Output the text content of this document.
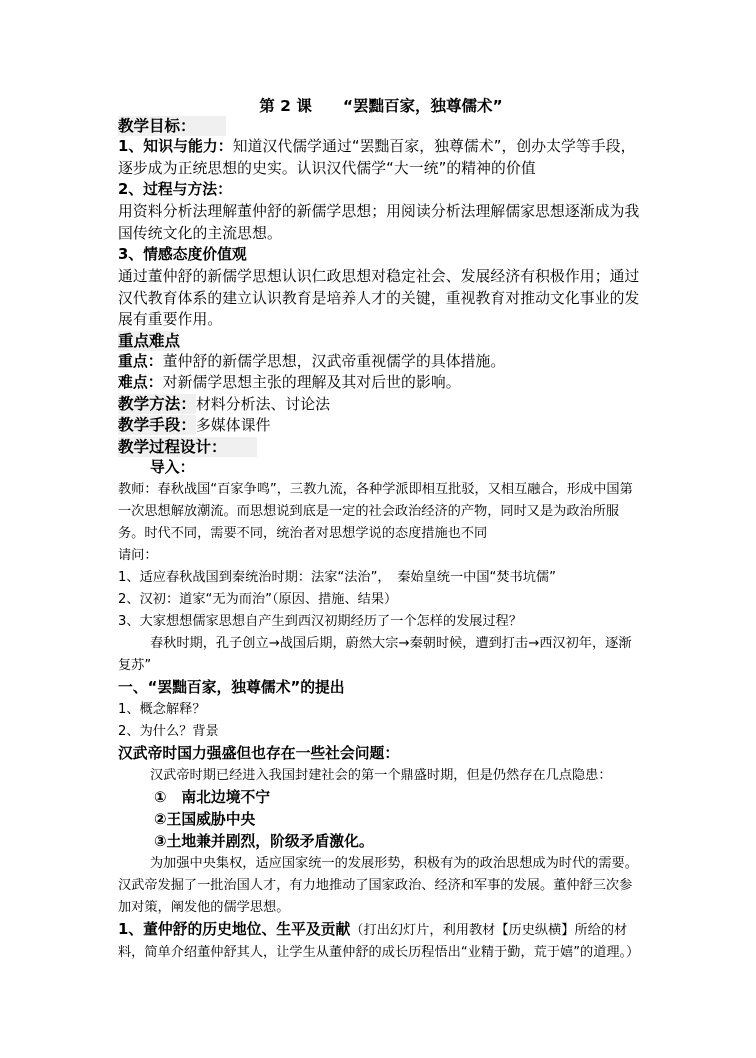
第 2 课　　“罢黜百家，独尊儒术”
教学目标：
1、知识与能力：知道汉代儒学通过“罢黜百家，独尊儒术”，创办太学等手段，逐步成为正统思想的史实。认识汉代儒学“大一统”的精神的价值
2、过程与方法：
用资料分析法理解董仲舒的新儒学思想；用阅读分析法理解儒家思想逐渐成为我国传统文化的主流思想。
3、情感态度价值观
通过董仲舒的新儒学思想认识仁政思想对稳定社会、发展经济有积极作用；通过汉代教育体系的建立认识教育是培养人才的关键，重视教育对推动文化事业的发展有重要作用。
重点难点
重点：董仲舒的新儒学思想，汉武帝重视儒学的具体措施。
难点：对新儒学思想主张的理解及其对后世的影响。
教学方法：材料分析法、讨论法
教学手段：多媒体课件
教学过程设计：
导入：
教师：春秋战国“百家争鸣”，三教九流，各种学派即相互批驳，又相互融合，形成中国第一次思想解放潮流。而思想说到底是一定的社会政治经济的产物，同时又是为政治所服务。时代不同，需要不同，统治者对思想学说的态度措施也不同
请问：
1、适应春秋战国到秦统治时期：法家“法治”，　秦始皇统一中国“焚书坑儒”
2、汉初：道家“无为而治”（原因、措施、结果）
3、大家想想儒家思想自产生到西汉初期经历了一个怎样的发展过程？
春秋时期，孔子创立→战国后期，蔚然大宗→秦朝时候，遭到打击→西汉初年，逐渐复苏”
一、“罢黜百家，独尊儒术”的提出
1、概念解释？
2、为什么？背景
汉武帝时国力强盛但也存在一些社会问题：
汉武帝时期已经进入我国封建社会的第一个鼎盛时期，但是仍然存在几点隐患：
①　南北边境不宁
②王国威胁中央
③土地兼并剧烈，阶级矛盾激化。
为加强中央集权，适应国家统一的发展形势，积极有为的政治思想成为时代的需要。汉武帝发掘了一批治国人才，有力地推动了国家政治、经济和军事的发展。董仲舒三次参加对策，阐发他的儒学思想。
1、董仲舒的历史地位、生平及贡献（打出幻灯片，利用教材【历史纵横】所给的材料，简单介绍董仲舒其人，让学生从董仲舒的成长历程悟出“业精于勤，荒于嬉”的道理。）
